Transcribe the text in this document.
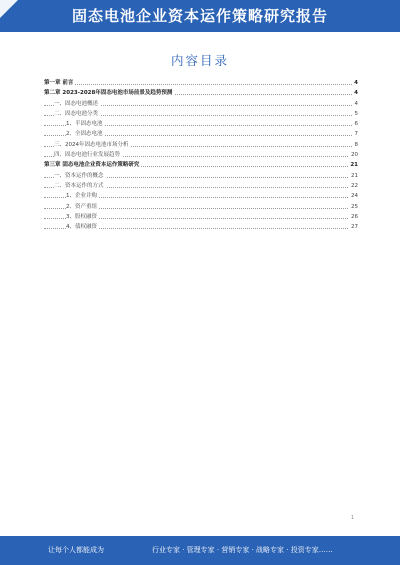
固态电池企业资本运作策略研究报告
内容目录
第一章 前言	4
第二章 2023-2028年固态电池市场前景及趋势预测	4
一、固态电池概述	4
二、固态电池分类	5
1、半固态电池	6
2、全固态电池	7
三、2024年固态电池市场分析	8
四、固态电池行业发展趋势	20
第三章 固态电池企业资本运作策略研究	21
一、资本运作的概念	21
二、资本运作的方式	22
1、企业并购	24
2、资产重组	25
3、股权融资	26
4、债权融资	27
1
让每个人都能成为	行业专家 · 管理专家 · 营销专家 · 战略专家 · 投资专家……
